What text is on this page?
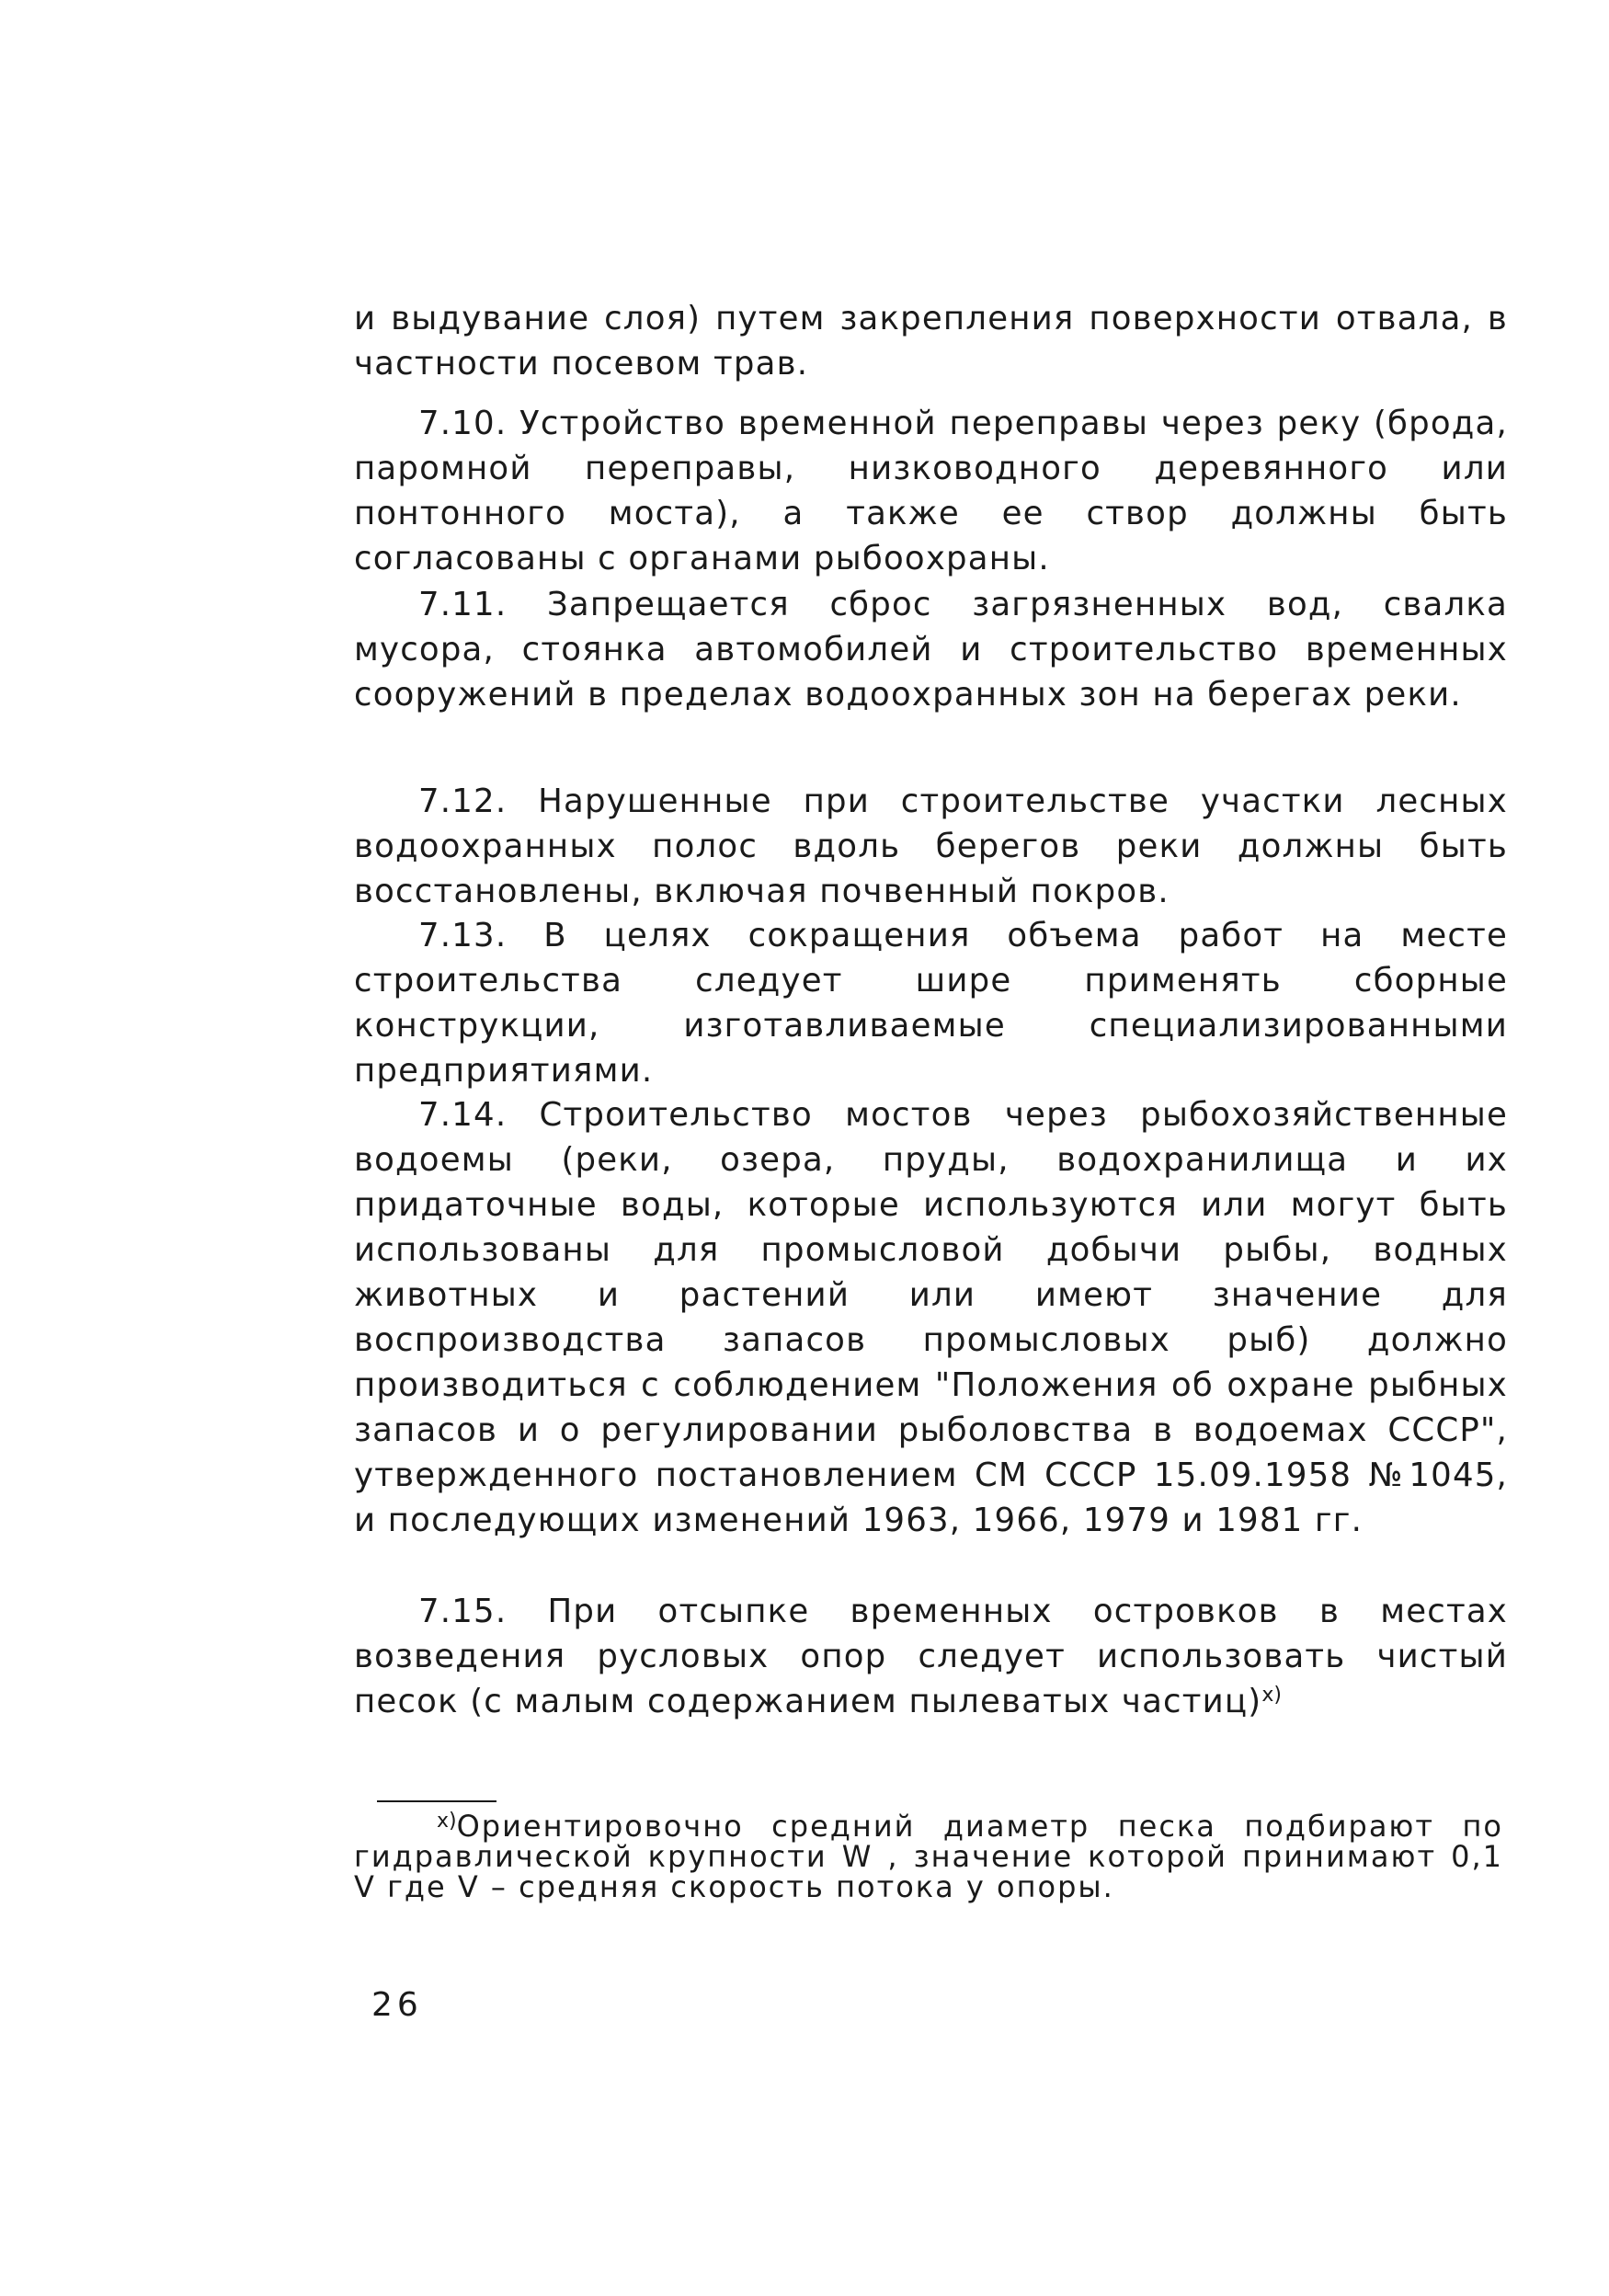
и выдувание слоя) путем закрепления поверхности отвала, в частности посевом трав.

7.10. Устройство временной переправы через реку (брода, паромной переправы, низководного деревянного или понтонного моста), а также ее створ должны быть согласованы с органами рыбоохраны.

7.11. Запрещается сброс загрязненных вод, свалка мусора, стоянка автомобилей и строительство временных сооружений в пределах водоохранных зон на берегах реки.

7.12. Нарушенные при строительстве участки лесных водоохранных полос вдоль берегов реки должны быть восстановлены, включая почвенный покров.

7.13. В целях сокращения объема работ на месте строительства следует шире применять сборные конструкции, изготавливаемые специализированными предприятиями.

7.14. Строительство мостов через рыбохозяйственные водоемы (реки, озера, пруды, водохранилища и их придаточные воды, которые используются или могут быть использованы для промысловой добычи рыбы, водных животных и растений или имеют значение для воспроизводства запасов промысловых рыб) должно производиться с соблюдением "Положения об охране рыбных запасов и о регулировании рыболовства в водоемах СССР", утвержденного постановлением СМ СССР 15.09.1958 №1045, и последующих изменений 1963, 1966, 1979 и 1981 гг.

7.15. При отсыпке временных островков в местах возведения русловых опор следует использовать чистый песок (с малым содержанием пылеватых частиц)$^{x)}$

x)Ориентировочно средний диаметр песка подбирают по гидравлической крупности W , значение которой принимают 0,1 V где V – средняя скорость потока у опоры.

26
